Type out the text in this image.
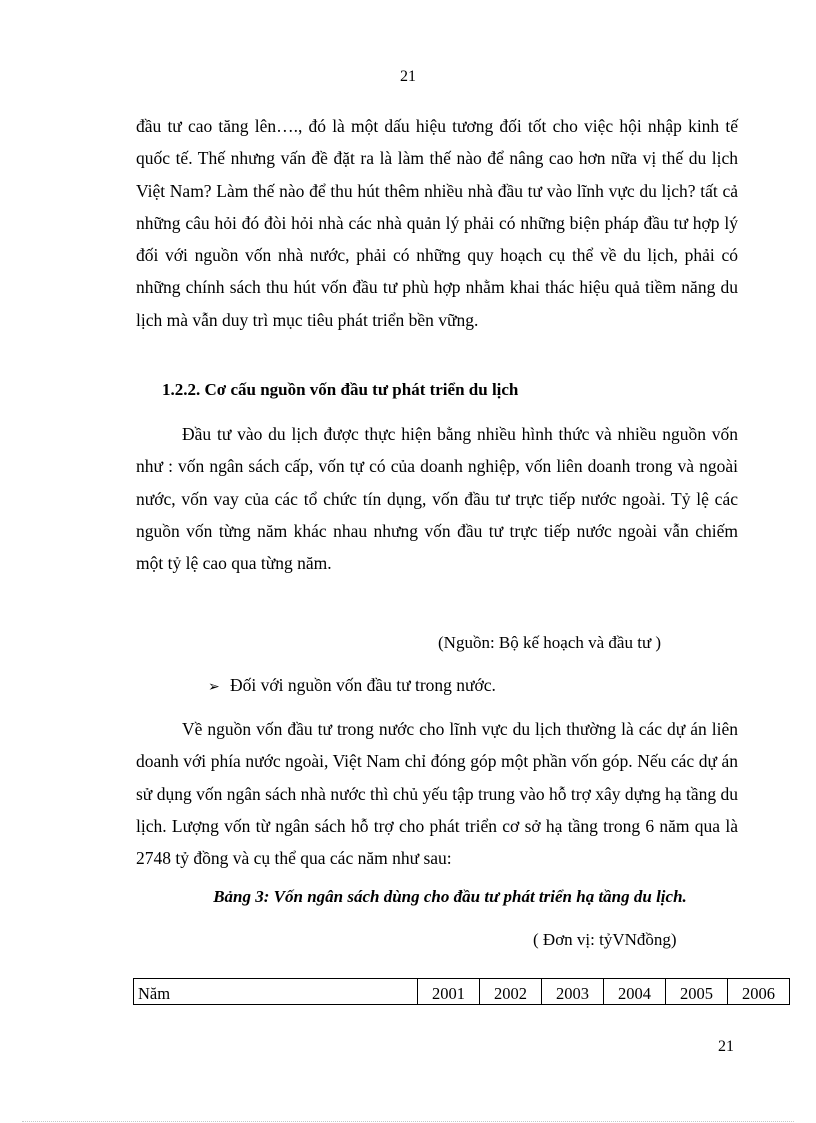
21
đầu tư cao tăng lên…., đó là một dấu hiệu tương đối tốt cho việc hội nhập kinh tế quốc tế. Thế nhưng vấn đề đặt ra là làm thế nào để nâng cao hơn nữa vị thế du lịch Việt Nam? Làm thế nào để thu hút thêm nhiều nhà đầu tư vào lĩnh vực du lịch? tất cả những câu hỏi đó đòi hỏi nhà các nhà quản lý phải có những biện pháp đầu tư hợp lý đối với nguồn vốn nhà nước, phải có những quy hoạch cụ thể về du lịch, phải có những chính sách thu hút vốn đầu tư phù hợp nhằm khai thác hiệu quả tiềm năng du lịch mà vẫn duy trì mục tiêu phát triển bền vững.
1.2.2. Cơ cấu nguồn vốn đầu tư phát triển du lịch
Đầu tư vào du lịch được thực hiện bằng nhiều hình thức và nhiều nguồn vốn như : vốn ngân sách cấp, vốn tự có của doanh nghiệp, vốn liên doanh trong và ngoài nước, vốn vay của các tổ chức tín dụng, vốn đầu tư trực tiếp nước ngoài. Tỷ lệ các nguồn vốn từng năm khác nhau nhưng vốn đầu tư trực tiếp nước ngoài vẫn chiếm một tỷ lệ cao qua từng năm.
(Nguồn: Bộ kế hoạch và đầu tư )
➢ Đối với nguồn vốn đầu tư trong nước.
Về nguồn vốn đầu tư trong nước cho lĩnh vực du lịch thường là các dự án liên doanh với phía nước ngoài, Việt Nam chỉ đóng góp một phần vốn góp. Nếu các dự án sử dụng vốn ngân sách nhà nước thì chủ yếu tập trung vào hỗ trợ xây dựng hạ tầng du lịch. Lượng vốn từ ngân sách hỗ trợ cho phát triển cơ sở hạ tầng trong 6 năm qua là 2748 tỷ đồng và cụ thể qua các năm như sau:
Bảng 3: Vốn ngân sách dùng cho đầu tư phát triển hạ tầng du lịch.
( Đơn vị: tỷVNđồng)
Năm	2001	2002	2003	2004	2005	2006
21
